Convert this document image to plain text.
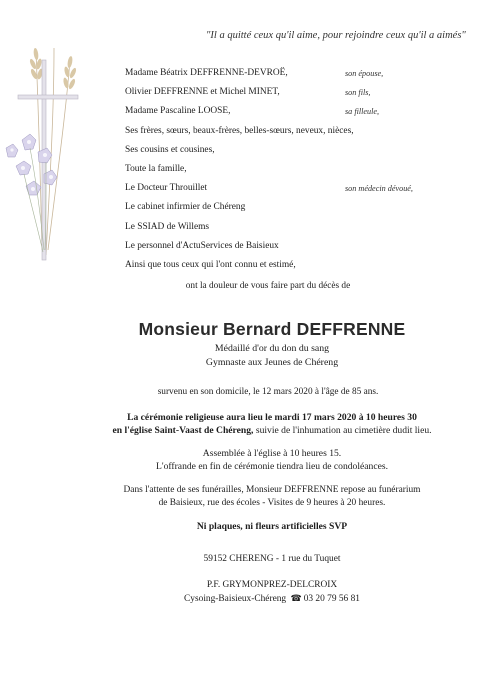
"Il a quitté ceux qu'il aime, pour rejoindre ceux qu'il a aimés"
Madame Béatrix DEFFRENNE-DEVROË,	son épouse,
Olivier DEFFRENNE et Michel MINET,	son fils,
Madame Pascaline LOOSE,	sa filleule,
Ses frères, sœurs, beaux-frères, belles-sœurs, neveux, nièces,
Ses cousins et cousines,
Toute la famille,
Le Docteur Throuillet	son médecin dévoué,
Le cabinet infirmier de Chéreng
Le SSIAD de Willems
Le personnel d'ActuServices de Baisieux
Ainsi que tous ceux qui l'ont connu et estimé,
ont la douleur de vous faire part du décès de
Monsieur Bernard DEFFRENNE
Médaillé d'or du don du sang
Gymnaste aux Jeunes de Chéreng
survenu en son domicile, le 12 mars 2020 à l'âge de 85 ans.
La cérémonie religieuse aura lieu le mardi 17 mars 2020 à 10 heures 30
en l'église Saint-Vaast de Chéreng, suivie de l'inhumation au cimetière dudit lieu.
Assemblée à l'église à 10 heures 15.
L'offrande en fin de cérémonie tiendra lieu de condoléances.
Dans l'attente de ses funérailles, Monsieur DEFFRENNE repose au funérarium
de Baisieux, rue des écoles - Visites de 9 heures à 20 heures.
Ni plaques, ni fleurs artificielles SVP
59152 CHERENG - 1 rue du Tuquet
P.F. GRYMONPREZ-DELCROIX
Cysoing-Baisieux-Chéreng ☎ 03 20 79 56 81
